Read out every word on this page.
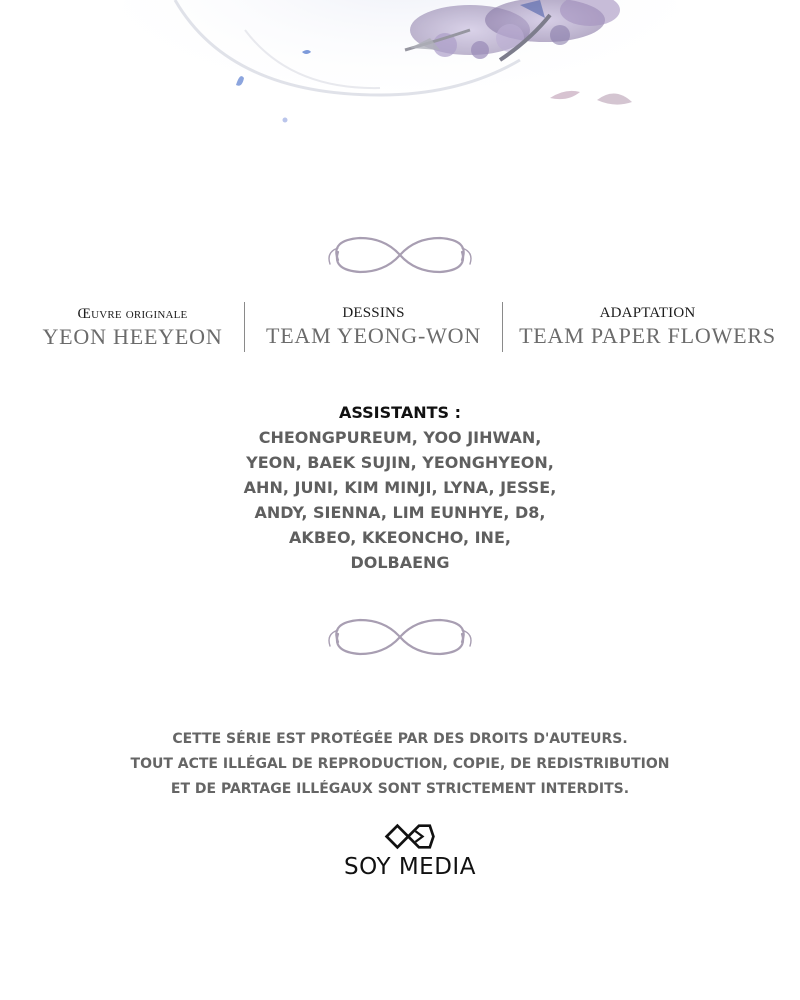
Œuvre originale
YEON HEEYEON
DESSINS
TEAM YEONG-WON
ADAPTATION
TEAM PAPER FLOWERS
ASSISTANTS :
CHEONGPUREUM, YOO JIHWAN,
YEON, BAEK SUJIN, YEONGHYEON,
AHN, JUNI, KIM MINJI, LYNA, JESSE,
ANDY, SIENNA, LIM EUNHYE, D8,
AKBEO, KKEONCHO, INE,
DOLBAENG
CETTE SÉRIE EST PROTÉGÉE PAR DES DROITS D'AUTEURS.
TOUT ACTE ILLÉGAL DE REPRODUCTION, COPIE, DE REDISTRIBUTION
ET DE PARTAGE ILLÉGAUX SONT STRICTEMENT INTERDITS.
SOY MEDIA
